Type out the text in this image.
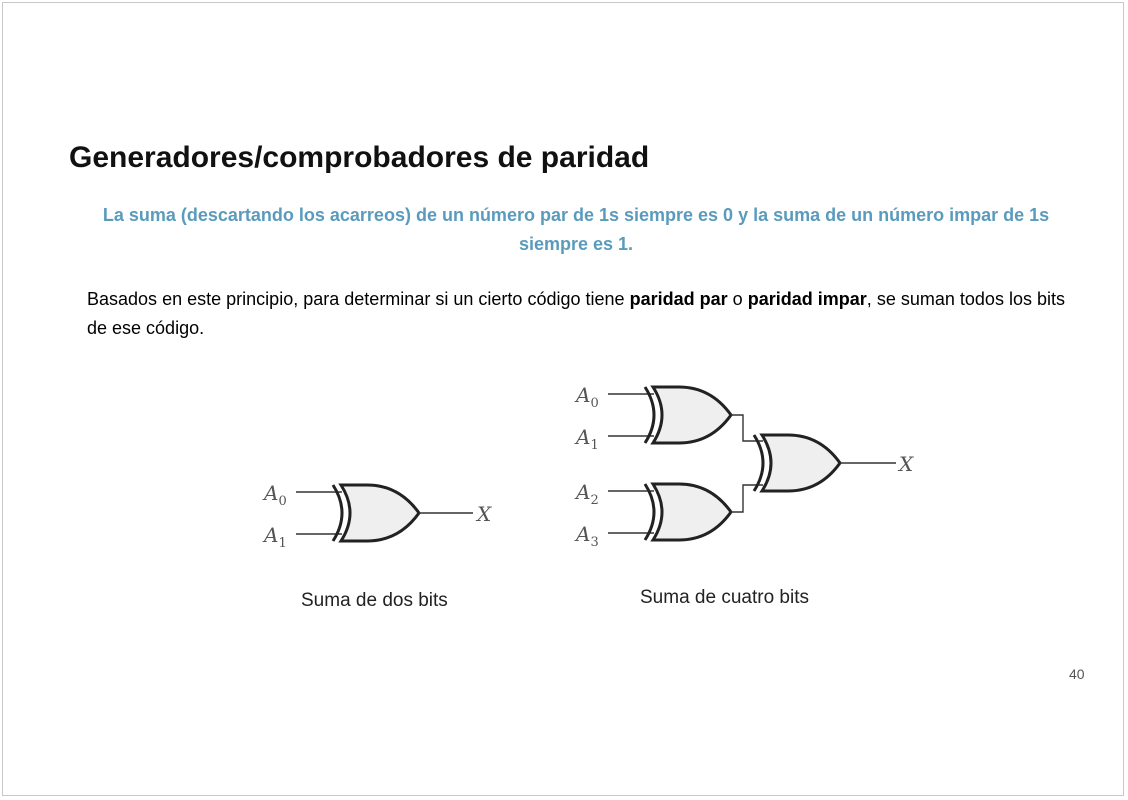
Generadores/comprobadores de paridad

La suma (descartando los acarreos) de un número par de 1s siempre es 0 y la suma de un número impar de 1s siempre es 1.

Basados en este principio, para determinar si un cierto código tiene paridad par o paridad impar, se suman todos los bits de ese código.

Suma de dos bits	Suma de cuatro bits
40
$A_0$
$A_1$
X
$A_0$
$A_1$
$A_2$
$A_3$
X
